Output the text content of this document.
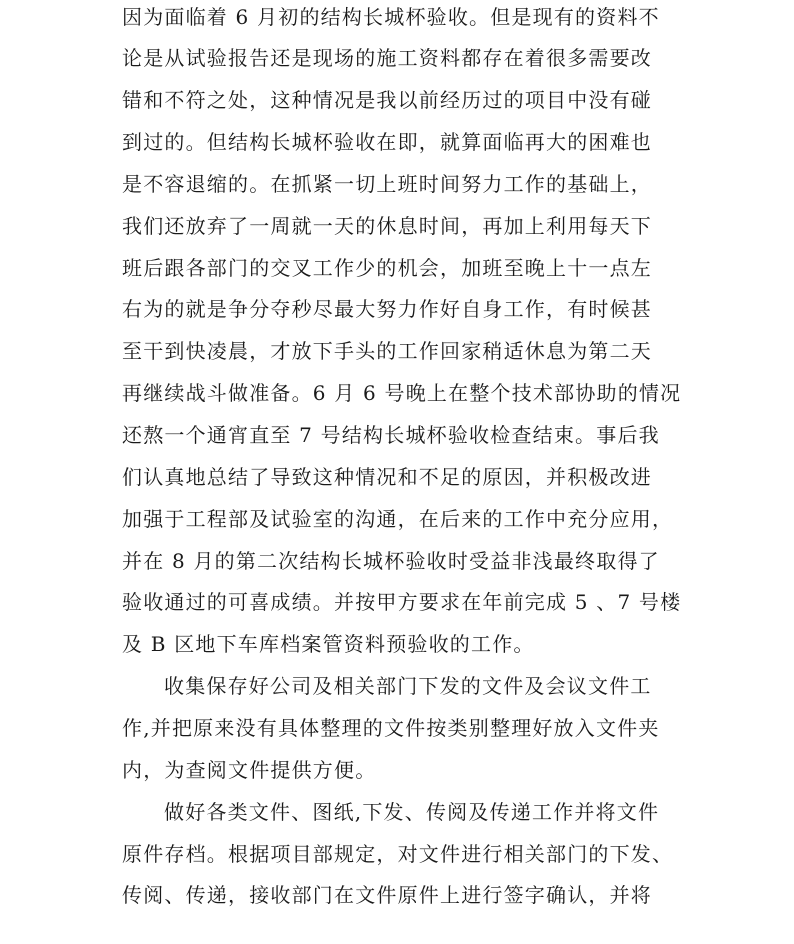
因为面临着 6 月初的结构长城杯验收。但是现有的资料不
论是从试验报告还是现场的施工资料都存在着很多需要改
错和不符之处，这种情况是我以前经历过的项目中没有碰
到过的。但结构长城杯验收在即，就算面临再大的困难也
是不容退缩的。在抓紧一切上班时间努力工作的基础上，
我们还放弃了一周就一天的休息时间，再加上利用每天下
班后跟各部门的交叉工作少的机会，加班至晚上十一点左
右为的就是争分夺秒尽最大努力作好自身工作，有时候甚
至干到快凌晨，才放下手头的工作回家稍适休息为第二天
再继续战斗做准备。6 月 6 号晚上在整个技术部协助的情况
还熬一个通宵直至 7 号结构长城杯验收检查结束。事后我
们认真地总结了导致这种情况和不足的原因，并积极改进
加强于工程部及试验室的沟通，在后来的工作中充分应用，
并在 8 月的第二次结构长城杯验收时受益非浅最终取得了
验收通过的可喜成绩。并按甲方要求在年前完成 5 、7 号楼
及 B 区地下车库档案管资料预验收的工作。
收集保存好公司及相关部门下发的文件及会议文件工
作,并把原来没有具体整理的文件按类别整理好放入文件夹
内，为查阅文件提供方便。
做好各类文件、图纸,下发、传阅及传递工作并将文件
原件存档。根据项目部规定，对文件进行相关部门的下发、
传阅、传递，接收部门在文件原件上进行签字确认，并将
